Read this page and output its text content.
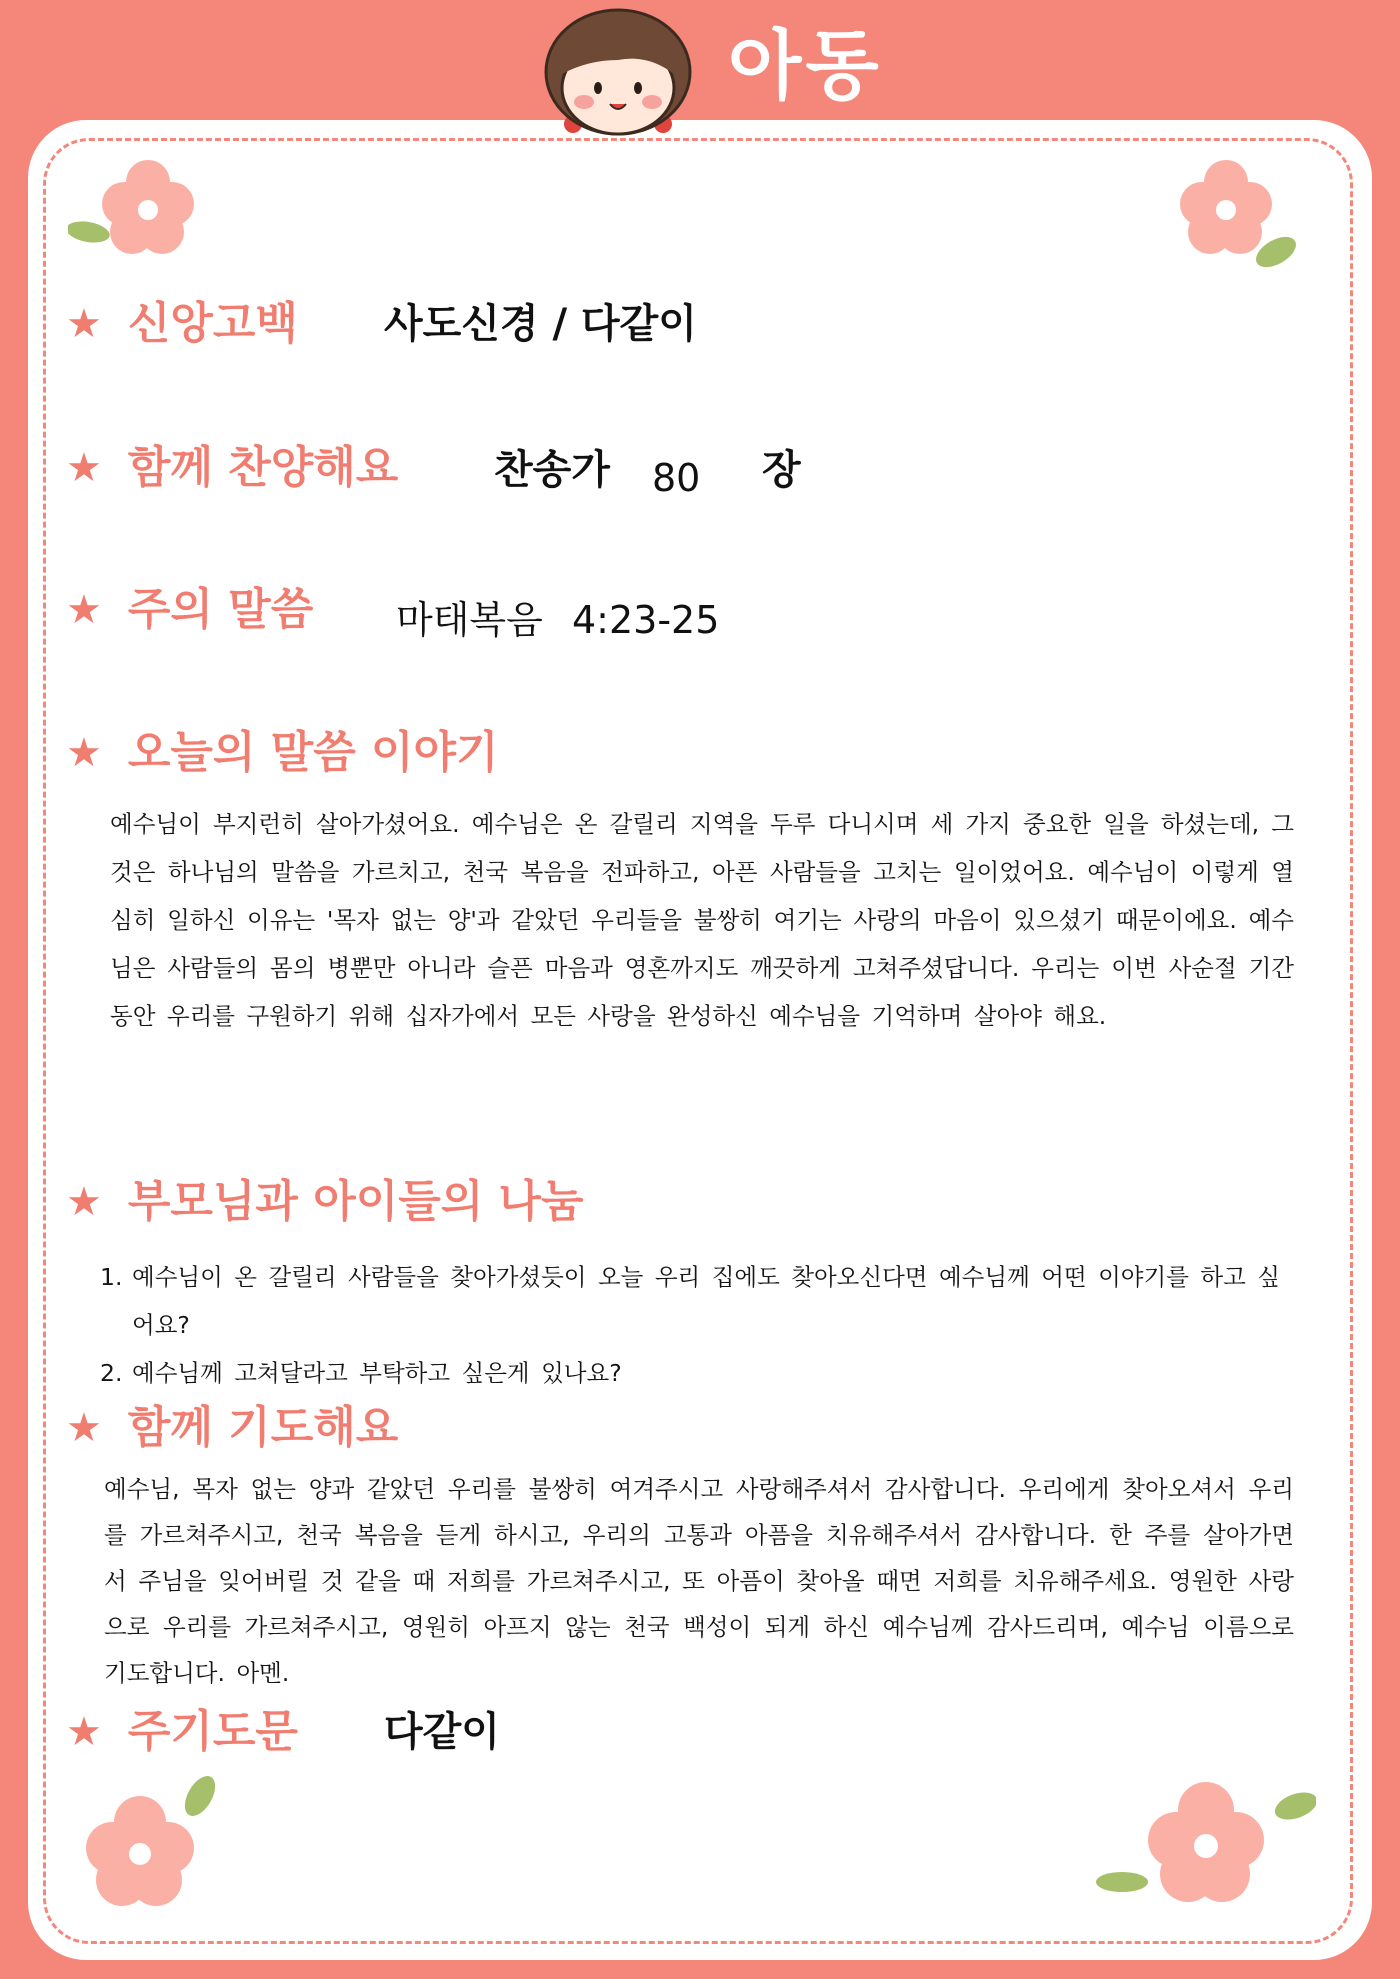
아동
★ 신앙고백 사도신경 / 다같이
★ 함께 찬양해요 찬송가 80 장
★ 주의 말씀 마태복음 4:23-25
★ 오늘의 말씀 이야기

예수님이 부지런히 살아가셨어요. 예수님은 온 갈릴리 지역을 두루 다니시며 세 가지 중요한 일을 하셨는데, 그것은 하나님의 말씀을 가르치고, 천국 복음을 전파하고, 아픈 사람들을 고치는 일이었어요. 예수님이 이렇게 열심히 일하신 이유는 '목자 없는 양'과 같았던 우리들을 불쌍히 여기는 사랑의 마음이 있으셨기 때문이에요. 예수님은 사람들의 몸의 병뿐만 아니라 슬픈 마음과 영혼까지도 깨끗하게 고쳐주셨답니다. 우리는 이번 사순절 기간 동안 우리를 구원하기 위해 십자가에서 모든 사랑을 완성하신 예수님을 기억하며 살아야 해요.

★ 부모님과 아이들의 나눔
1. 예수님이 온 갈릴리 사람들을 찾아가셨듯이 오늘 우리 집에도 찾아오신다면 예수님께 어떤 이야기를 하고 싶어요?
2. 예수님께 고쳐달라고 부탁하고 싶은게 있나요?
★ 함께 기도해요

예수님, 목자 없는 양과 같았던 우리를 불쌍히 여겨주시고 사랑해주셔서 감사합니다. 우리에게 찾아오셔서 우리를 가르쳐주시고, 천국 복음을 듣게 하시고, 우리의 고통과 아픔을 치유해주셔서 감사합니다. 한 주를 살아가면서 주님을 잊어버릴 것 같을 때 저희를 가르쳐주시고, 또 아픔이 찾아올 때면 저희를 치유해주세요. 영원한 사랑으로 우리를 가르쳐주시고, 영원히 아프지 않는 천국 백성이 되게 하신 예수님께 감사드리며, 예수님 이름으로 기도합니다. 아멘.

★ 주기도문 다같이
